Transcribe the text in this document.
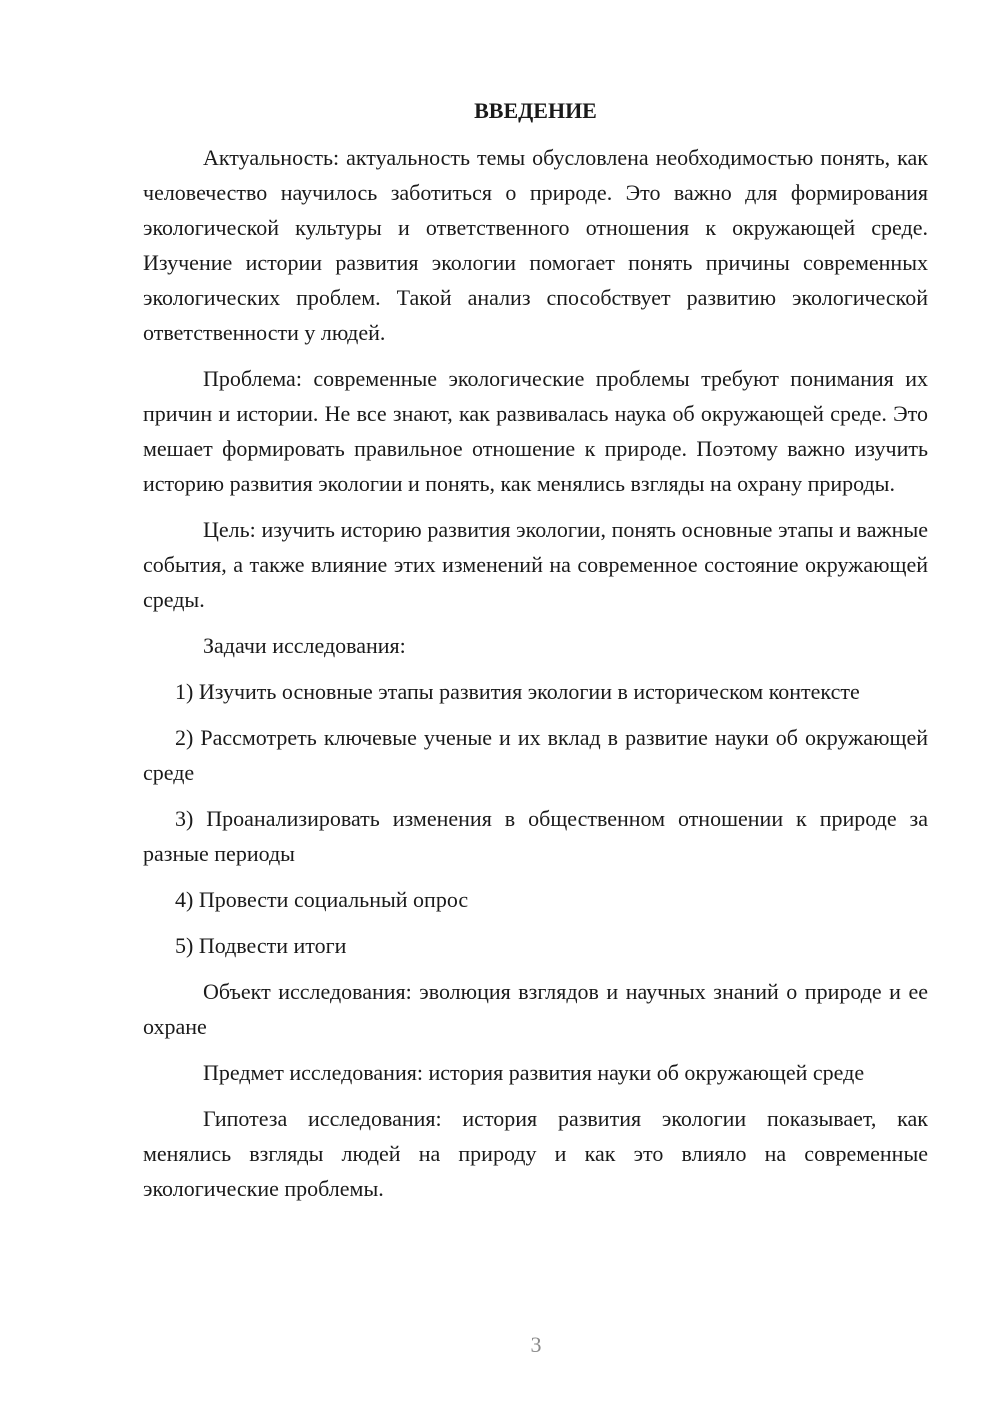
ВВЕДЕНИЕ

Актуальность: актуальность темы обусловлена необходимостью понять, как человечество научилось заботиться о природе. Это важно для формирования экологической культуры и ответственного отношения к окружающей среде. Изучение истории развития экологии помогает понять причины современных экологических проблем. Такой анализ способствует развитию экологической ответственности у людей.

Проблема: современные экологические проблемы требуют понимания их причин и истории. Не все знают, как развивалась наука об окружающей среде. Это мешает формировать правильное отношение к природе. Поэтому важно изучить историю развития экологии и понять, как менялись взгляды на охрану природы.

Цель: изучить историю развития экологии, понять основные этапы и важные события, а также влияние этих изменений на современное состояние окружающей среды.

Задачи исследования:

1) Изучить основные этапы развития экологии в историческом контексте

2) Рассмотреть ключевые ученые и их вклад в развитие науки об окружающей среде

3) Проанализировать изменения в общественном отношении к природе за разные периоды

4) Провести социальный опрос

5) Подвести итоги

Объект исследования: эволюция взглядов и научных знаний о природе и ее охране

Предмет исследования: история развития науки об окружающей среде

Гипотеза исследования: история развития экологии показывает, как менялись взгляды людей на природу и как это влияло на современные экологические проблемы.

3
